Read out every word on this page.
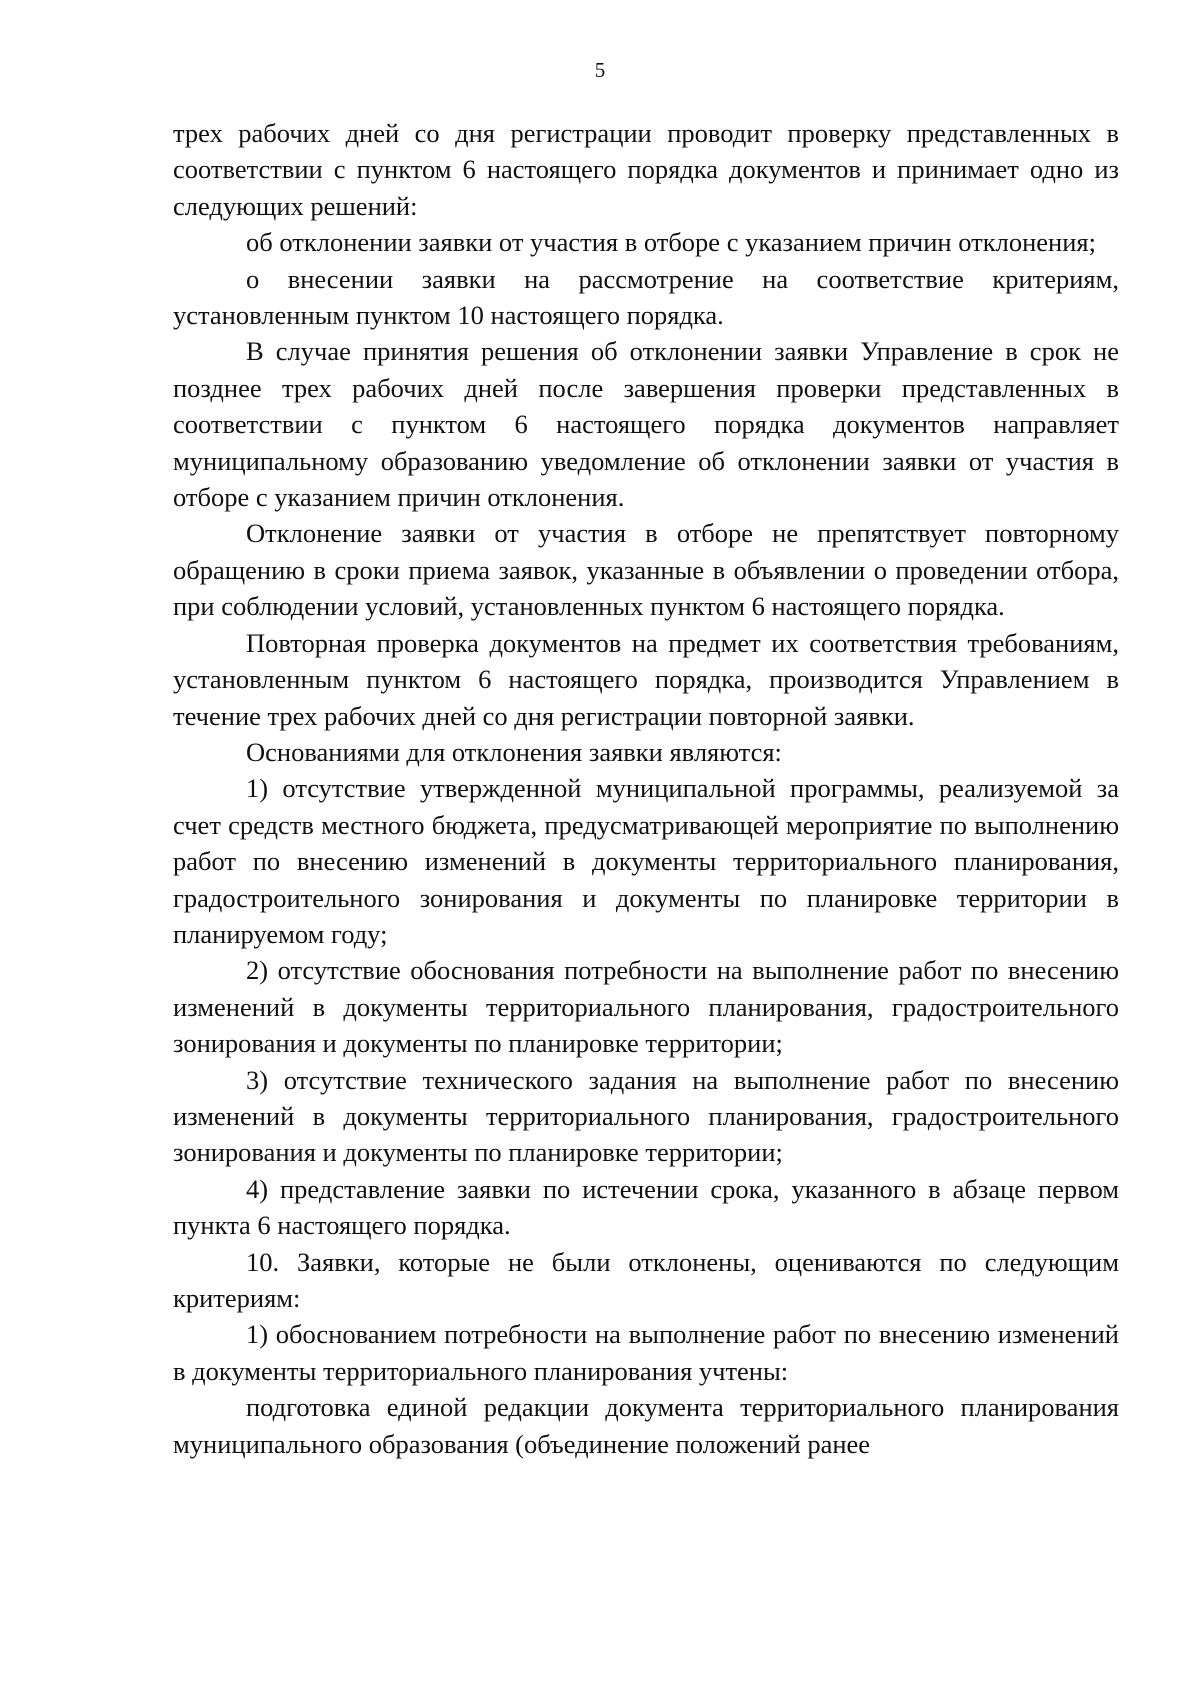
5

трех рабочих дней со дня регистрации проводит проверку представленных в соответствии с пунктом 6 настоящего порядка документов и принимает одно из следующих решений:

об отклонении заявки от участия в отборе с указанием причин отклонения;

о внесении заявки на рассмотрение на соответствие критериям, установленным пунктом 10 настоящего порядка.

В случае принятия решения об отклонении заявки Управление в срок не позднее трех рабочих дней после завершения проверки представленных в соответствии с пунктом 6 настоящего порядка документов направляет муниципальному образованию уведомление об отклонении заявки от участия в отборе с указанием причин отклонения.

Отклонение заявки от участия в отборе не препятствует повторному обращению в сроки приема заявок, указанные в объявлении о проведении отбора, при соблюдении условий, установленных пунктом 6 настоящего порядка.

Повторная проверка документов на предмет их соответствия требованиям, установленным пунктом 6 настоящего порядка, производится Управлением в течение трех рабочих дней со дня регистрации повторной заявки.

Основаниями для отклонения заявки являются:

1) отсутствие утвержденной муниципальной программы, реализуемой за счет средств местного бюджета, предусматривающей мероприятие по выполнению работ по внесению изменений в документы территориального планирования, градостроительного зонирования и документы по планировке территории в планируемом году;

2) отсутствие обоснования потребности на выполнение работ по внесению изменений в документы территориального планирования, градостроительного зонирования и документы по планировке территории;

3) отсутствие технического задания на выполнение работ по внесению изменений в документы территориального планирования, градостроительного зонирования и документы по планировке территории;

4) представление заявки по истечении срока, указанного в абзаце первом пункта 6 настоящего порядка.

10. Заявки, которые не были отклонены, оцениваются по следующим критериям:

1) обоснованием потребности на выполнение работ по внесению изменений в документы территориального планирования учтены:

подготовка единой редакции документа территориального планирования муниципального образования (объединение положений ранее
